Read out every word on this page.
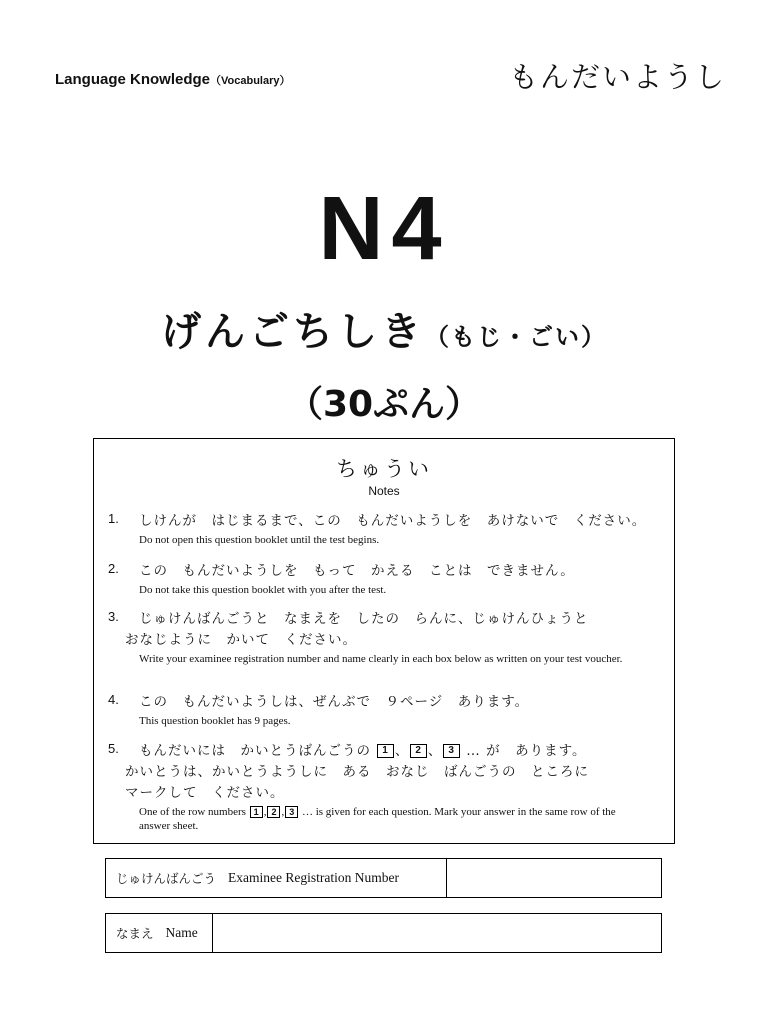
Language Knowledge（Vocabulary）	もんだいようし
N4
げんごちしき（もじ・ごい）
（30ぷん）
ちゅうい
Notes
1. しけんが　はじまるまで、この　もんだいようしを　あけないで　ください。
Do not open this question booklet until the test begins.
2. この　もんだいようしを　もって　かえる　ことは　できません。
Do not take this question booklet with you after the test.
3. じゅけんばんごうと　なまえを　したの　らんに、じゅけんひょうと
おなじように　かいて　ください。
Write your examinee registration number and name clearly in each box below as written on your test voucher.
4. この　もんだいようしは、ぜんぶで　９ページ　あります。
This question booklet has 9 pages.
5. もんだいには　かいとうばんごうの 1 、 2 、 3 … が　あります。
かいとうは、かいとうようしに　ある　おなじ　ばんごうの　ところに
マークして　ください。
One of the row numbers 1 , 2 , 3 … is given for each question. Mark your answer in the same row of the answer sheet.
じゅけんばんごう Examinee Registration Number
なまえ Name
